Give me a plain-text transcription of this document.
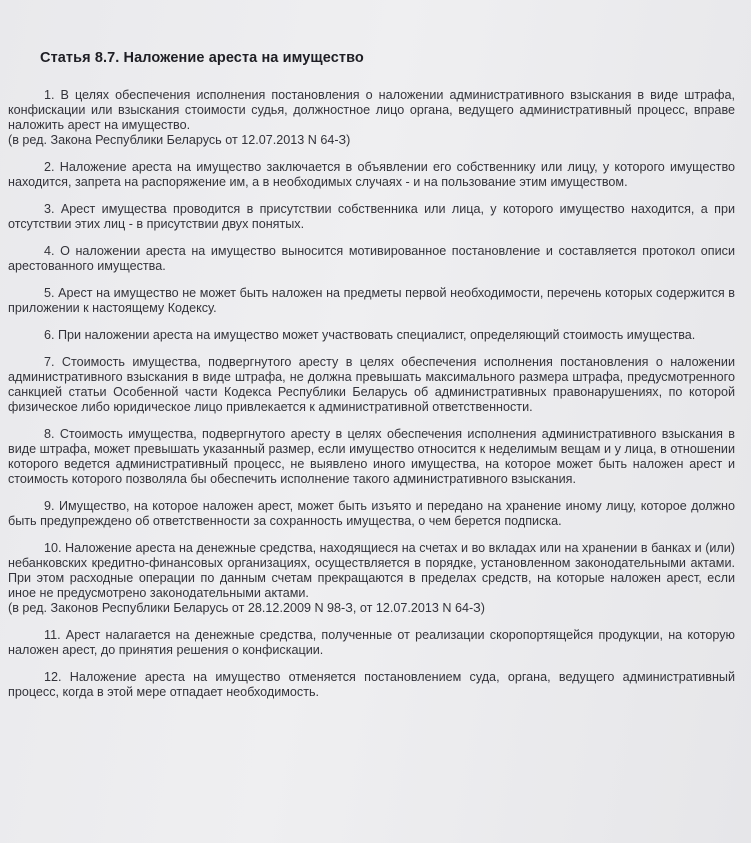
Статья 8.7. Наложение ареста на имущество
1. В целях обеспечения исполнения постановления о наложении административного взыскания в виде штрафа, конфискации или взыскания стоимости судья, должностное лицо органа, ведущего административный процесс, вправе наложить арест на имущество.
(в ред. Закона Республики Беларусь от 12.07.2013 N 64-З)
2. Наложение ареста на имущество заключается в объявлении его собственнику или лицу, у которого имущество находится, запрета на распоряжение им, а в необходимых случаях - и на пользование этим имуществом.
3. Арест имущества проводится в присутствии собственника или лица, у которого имущество находится, а при отсутствии этих лиц - в присутствии двух понятых.
4. О наложении ареста на имущество выносится мотивированное постановление и составляется протокол описи арестованного имущества.
5. Арест на имущество не может быть наложен на предметы первой необходимости, перечень которых содержится в приложении к настоящему Кодексу.
6. При наложении ареста на имущество может участвовать специалист, определяющий стоимость имущества.
7. Стоимость имущества, подвергнутого аресту в целях обеспечения исполнения постановления о наложении административного взыскания в виде штрафа, не должна превышать максимального размера штрафа, предусмотренного санкцией статьи Особенной части Кодекса Республики Беларусь об административных правонарушениях, по которой физическое либо юридическое лицо привлекается к административной ответственности.
8. Стоимость имущества, подвергнутого аресту в целях обеспечения исполнения административного взыскания в виде штрафа, может превышать указанный размер, если имущество относится к неделимым вещам и у лица, в отношении которого ведется административный процесс, не выявлено иного имущества, на которое может быть наложен арест и стоимость которого позволяла бы обеспечить исполнение такого административного взыскания.
9. Имущество, на которое наложен арест, может быть изъято и передано на хранение иному лицу, которое должно быть предупреждено об ответственности за сохранность имущества, о чем берется подписка.
10. Наложение ареста на денежные средства, находящиеся на счетах и во вкладах или на хранении в банках и (или) небанковских кредитно-финансовых организациях, осуществляется в порядке, установленном законодательными актами. При этом расходные операции по данным счетам прекращаются в пределах средств, на которые наложен арест, если иное не предусмотрено законодательными актами.
(в ред. Законов Республики Беларусь от 28.12.2009 N 98-З, от 12.07.2013 N 64-З)
11. Арест налагается на денежные средства, полученные от реализации скоропортящейся продукции, на которую наложен арест, до принятия решения о конфискации.
12. Наложение ареста на имущество отменяется постановлением суда, органа, ведущего административный процесс, когда в этой мере отпадает необходимость.
